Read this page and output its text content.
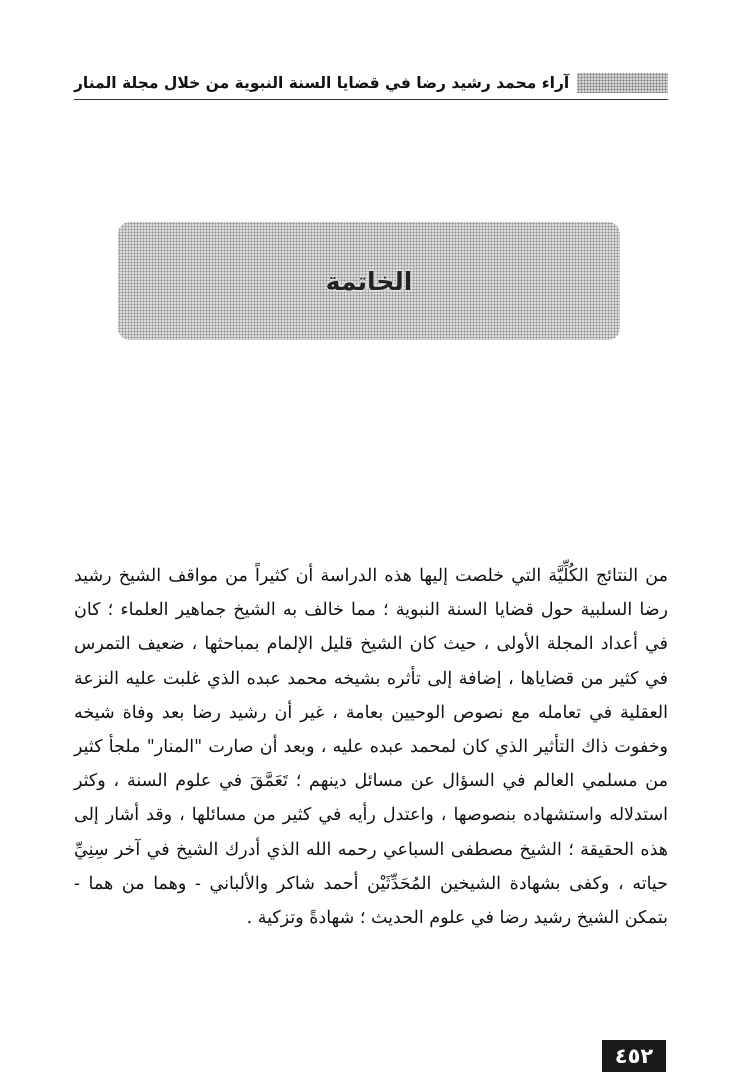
آراء محمد رشيد رضا في قضايا السنة النبوية من خلال مجلة المنار
الخاتمة

من النتائج الكُلِّيَّة التي خلصت إليها هذه الدراسة أن كثيراً من مواقف الشيخ رشيد رضا السلبية حول قضايا السنة النبوية ؛ مما خالف به الشيخ جماهير العلماء ؛ كان في أعداد المجلة الأولى ، حيث كان الشيخ قليل الإلمام بمباحثها ، ضعيف التمرس في كثير من قضاياها ، إضافة إلى تأثره بشيخه محمد عبده الذي غلبت عليه النزعة العقلية في تعامله مع نصوص الوحيين بعامة ، غير أن رشيد رضا بعد وفاة شيخه وخفوت ذاك التأثير الذي كان لمحمد عبده عليه ، وبعد أن صارت "المنار" ملجأ كثير من مسلمي العالم في السؤال عن مسائل دينهم ؛ تَعَمَّقَ في علوم السنة ، وكثر استدلاله واستشهاده بنصوصها ، واعتدل رأيه في كثير من مسائلها ، وقد أشار إلى هذه الحقيقة ؛ الشيخ مصطفى السباعي رحمه الله الذي أدرك الشيخ في آخر سِنِيِّ حياته ، وكفى بشهادة الشيخين المُحَدِّثَيْن أحمد شاكر والألباني - وهما من هما - بتمكن الشيخ رشيد رضا في علوم الحديث ؛ شهادةً وتزكية .

٤٥٢
